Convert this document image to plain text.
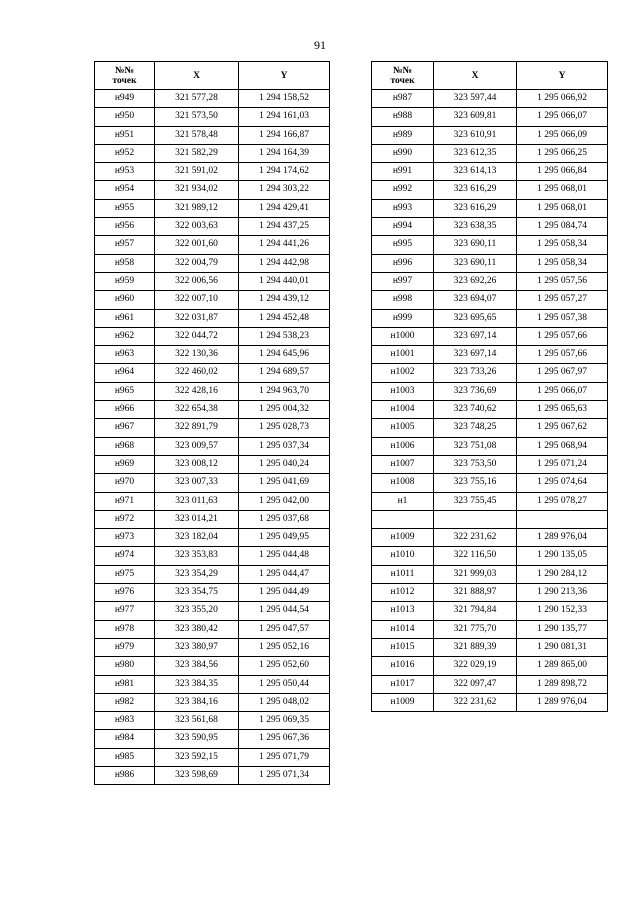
91
№№
точек	X	Y
н949	321 577,28	1 294 158,52
н950	321 573,50	1 294 161,03
н951	321 578,48	1 294 166,87
н952	321 582,29	1 294 164,39
н953	321 591,02	1 294 174,62
н954	321 934,02	1 294 303,22
н955	321 989,12	1 294 429,41
н956	322 003,63	1 294 437,25
н957	322 001,60	1 294 441,26
н958	322 004,79	1 294 442,98
н959	322 006,56	1 294 440,01
н960	322 007,10	1 294 439,12
н961	322 031,87	1 294 452,48
н962	322 044,72	1 294 538,23
н963	322 130,36	1 294 645,96
н964	322 460,02	1 294 689,57
н965	322 428,16	1 294 963,70
н966	322 654,38	1 295 004,32
н967	322 891,79	1 295 028,73
н968	323 009,57	1 295 037,34
н969	323 008,12	1 295 040,24
н970	323 007,33	1 295 041,69
н971	323 011,63	1 295 042,00
н972	323 014,21	1 295 037,68
н973	323 182,04	1 295 049,95
н974	323 353,83	1 295 044,48
н975	323 354,29	1 295 044,47
н976	323 354,75	1 295 044,49
н977	323 355,20	1 295 044,54
н978	323 380,42	1 295 047,57
н979	323 380,97	1 295 052,16
н980	323 384,56	1 295 052,60
н981	323 384,35	1 295 050,44
н982	323 384,16	1 295 048,02
н983	323 561,68	1 295 069,35
н984	323 590,95	1 295 067,36
н985	323 592,15	1 295 071,79
н986	323 598,69	1 295 071,34
№№
точек	X	Y
н987	323 597,44	1 295 066,92
н988	323 609,81	1 295 066,07
н989	323 610,91	1 295 066,09
н990	323 612,35	1 295 066,25
н991	323 614,13	1 295 066,84
н992	323 616,29	1 295 068,01
н993	323 616,29	1 295 068,01
н994	323 638,35	1 295 084,74
н995	323 690,11	1 295 058,34
н996	323 690,11	1 295 058,34
н997	323 692,26	1 295 057,56
н998	323 694,07	1 295 057,27
н999	323 695,65	1 295 057,38
н1000	323 697,14	1 295 057,66
н1001	323 697,14	1 295 057,66
н1002	323 733,26	1 295 067,97
н1003	323 736,69	1 295 066,07
н1004	323 740,62	1 295 065,63
н1005	323 748,25	1 295 067,62
н1006	323 751,08	1 295 068,94
н1007	323 753,50	1 295 071,24
н1008	323 755,16	1 295 074,64
н1	323 755,45	1 295 078,27

н1009	322 231,62	1 289 976,04
н1010	322 116,50	1 290 135,05
н1011	321 999,03	1 290 284,12
н1012	321 888,97	1 290 213,36
н1013	321 794,84	1 290 152,33
н1014	321 775,70	1 290 135,77
н1015	321 889,39	1 290 081,31
н1016	322 029,19	1 289 865,00
н1017	322 097,47	1 289 898,72
н1009	322 231,62	1 289 976,04
